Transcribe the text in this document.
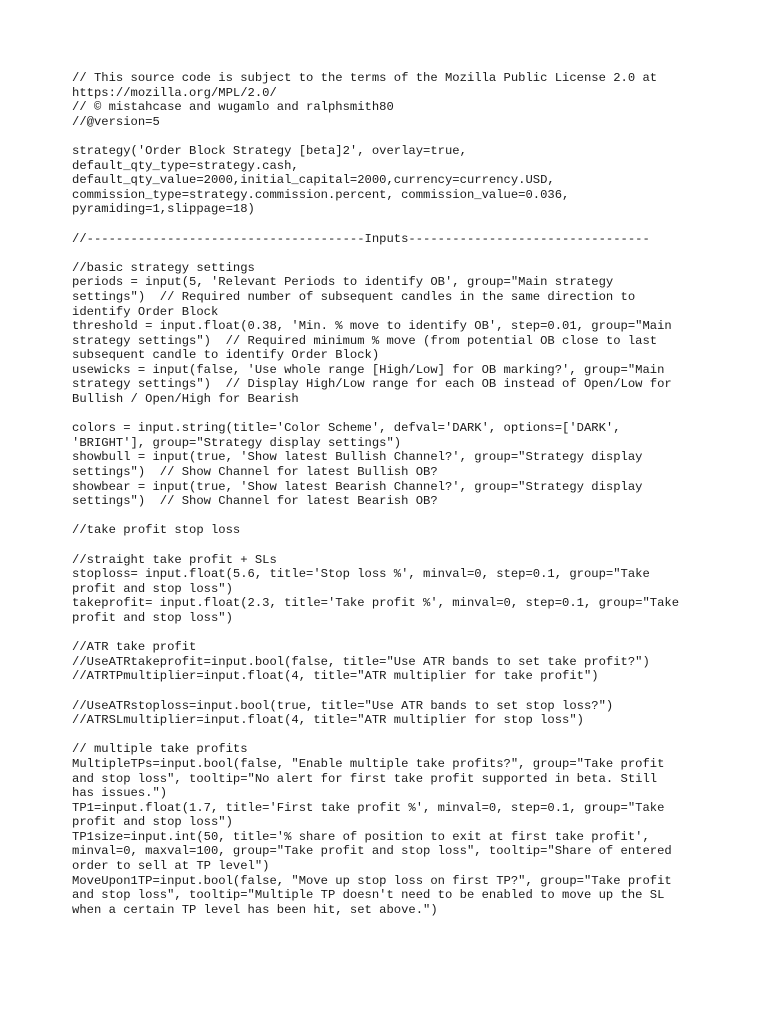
// This source code is subject to the terms of the Mozilla Public License 2.0 at
https://mozilla.org/MPL/2.0/
// © mistahcase and wugamlo and ralphsmith80
//@version=5
strategy('Order Block Strategy [beta]2', overlay=true,
default_qty_type=strategy.cash,
default_qty_value=2000,initial_capital=2000,currency=currency.USD,
commission_type=strategy.commission.percent, commission_value=0.036,
pyramiding=1,slippage=18)
//--------------------------------------Inputs---------------------------------
//basic strategy settings
periods = input(5, 'Relevant Periods to identify OB', group="Main strategy
settings")  // Required number of subsequent candles in the same direction to
identify Order Block
threshold = input.float(0.38, 'Min. % move to identify OB', step=0.01, group="Main
strategy settings")  // Required minimum % move (from potential OB close to last
subsequent candle to identify Order Block)
usewicks = input(false, 'Use whole range [High/Low] for OB marking?', group="Main
strategy settings")  // Display High/Low range for each OB instead of Open/Low for
Bullish / Open/High for Bearish
colors = input.string(title='Color Scheme', defval='DARK', options=['DARK',
'BRIGHT'], group="Strategy display settings")
showbull = input(true, 'Show latest Bullish Channel?', group="Strategy display
settings")  // Show Channel for latest Bullish OB?
showbear = input(true, 'Show latest Bearish Channel?', group="Strategy display
settings")  // Show Channel for latest Bearish OB?
//take profit stop loss
//straight take profit + SLs
stoploss= input.float(5.6, title='Stop loss %', minval=0, step=0.1, group="Take
profit and stop loss")
takeprofit= input.float(2.3, title='Take profit %', minval=0, step=0.1, group="Take
profit and stop loss")
//ATR take profit
//UseATRtakeprofit=input.bool(false, title="Use ATR bands to set take profit?")
//ATRTPmultiplier=input.float(4, title="ATR multiplier for take profit")
//UseATRstoploss=input.bool(true, title="Use ATR bands to set stop loss?")
//ATRSLmultiplier=input.float(4, title="ATR multiplier for stop loss")
// multiple take profits
MultipleTPs=input.bool(false, "Enable multiple take profits?", group="Take profit
and stop loss", tooltip="No alert for first take profit supported in beta. Still
has issues.")
TP1=input.float(1.7, title='First take profit %', minval=0, step=0.1, group="Take
profit and stop loss")
TP1size=input.int(50, title='% share of position to exit at first take profit',
minval=0, maxval=100, group="Take profit and stop loss", tooltip="Share of entered
order to sell at TP level")
MoveUpon1TP=input.bool(false, "Move up stop loss on first TP?", group="Take profit
and stop loss", tooltip="Multiple TP doesn't need to be enabled to move up the SL
when a certain TP level has been hit, set above.")
